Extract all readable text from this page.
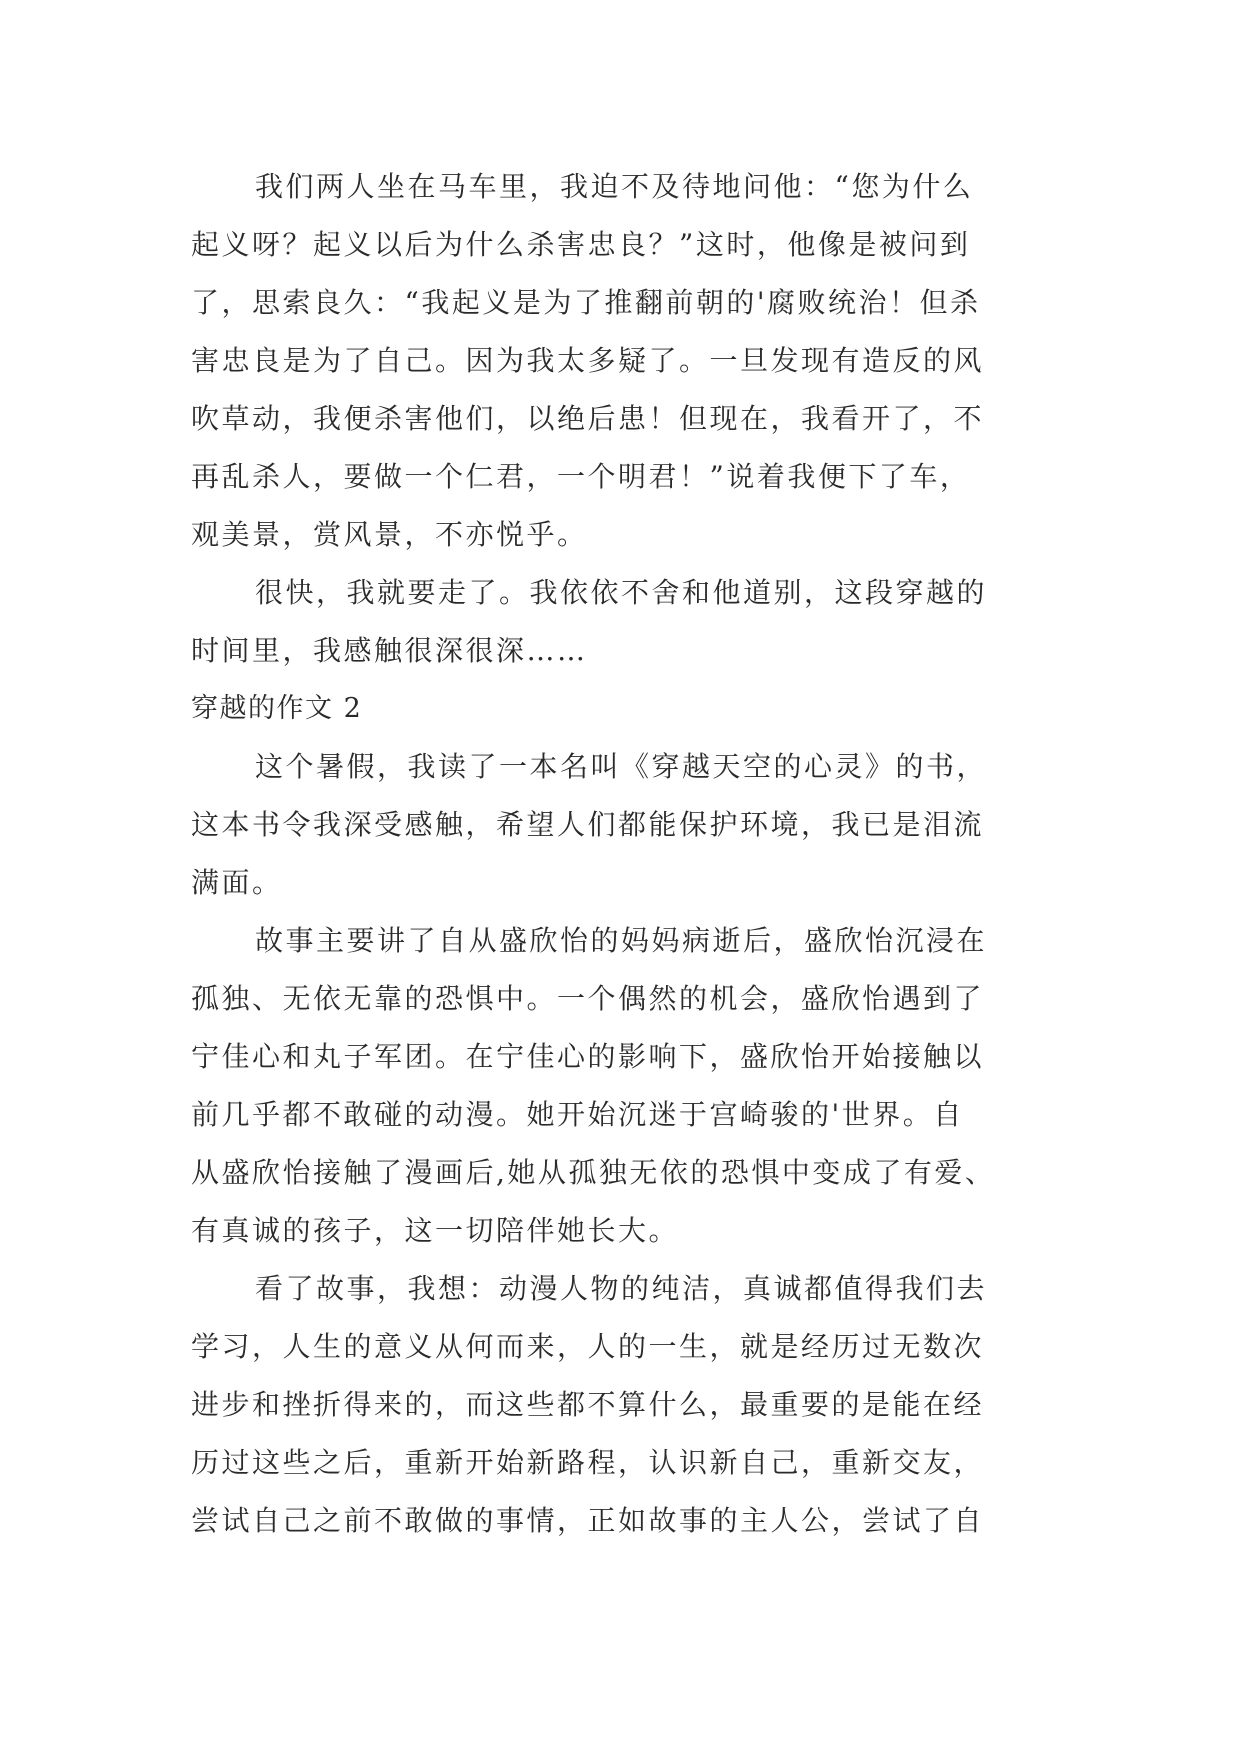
我们两人坐在马车里，我迫不及待地问他：“您为什么
起义呀？起义以后为什么杀害忠良？”这时，他像是被问到
了，思索良久：“我起义是为了推翻前朝的'腐败统治！但杀
害忠良是为了自己。因为我太多疑了。一旦发现有造反的风
吹草动，我便杀害他们，以绝后患！但现在，我看开了，不
再乱杀人，要做一个仁君，一个明君！”说着我便下了车，
观美景，赏风景，不亦悦乎。
很快，我就要走了。我依依不舍和他道别，这段穿越的
时间里，我感触很深很深……
穿越的作文 2
这个暑假，我读了一本名叫《穿越天空的心灵》的书，
这本书令我深受感触，希望人们都能保护环境，我已是泪流
满面。
故事主要讲了自从盛欣怡的妈妈病逝后，盛欣怡沉浸在
孤独、无依无靠的恐惧中。一个偶然的机会，盛欣怡遇到了
宁佳心和丸子军团。在宁佳心的影响下，盛欣怡开始接触以
前几乎都不敢碰的动漫。她开始沉迷于宫崎骏的'世界。自
从盛欣怡接触了漫画后,她从孤独无依的恐惧中变成了有爱、
有真诚的孩子，这一切陪伴她长大。
看了故事，我想：动漫人物的纯洁，真诚都值得我们去
学习，人生的意义从何而来，人的一生，就是经历过无数次
进步和挫折得来的，而这些都不算什么，最重要的是能在经
历过这些之后，重新开始新路程，认识新自己，重新交友，
尝试自己之前不敢做的事情，正如故事的主人公，尝试了自
